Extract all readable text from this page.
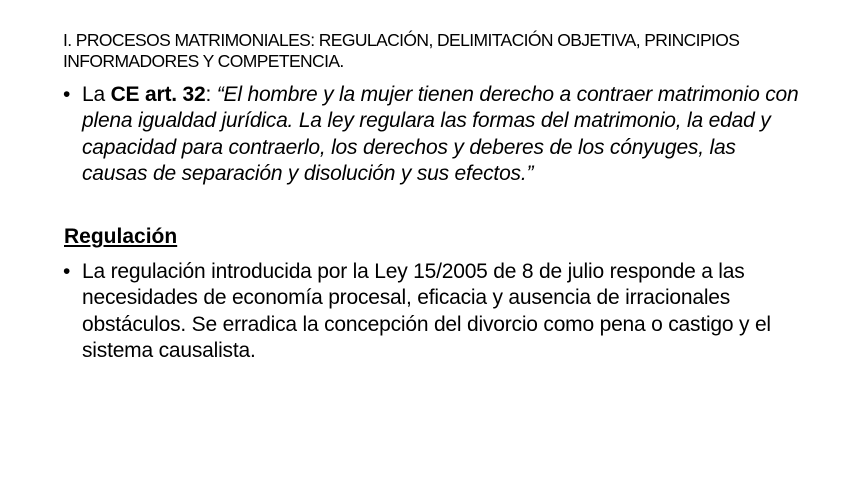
I. PROCESOS MATRIMONIALES: REGULACIÓN, DELIMITACIÓN OBJETIVA, PRINCIPIOS INFORMADORES Y COMPETENCIA.
• La CE art. 32: “El hombre y la mujer tienen derecho a contraer matrimonio con plena igualdad jurídica. La ley regulara las formas del matrimonio, la edad y capacidad para contraerlo, los derechos y deberes de los cónyuges, las causas de separación y disolución y sus efectos.”
Regulación
• La regulación introducida por la Ley 15/2005 de 8 de julio responde a las necesidades de economía procesal, eficacia y ausencia de irracionales obstáculos. Se erradica la concepción del divorcio como pena o castigo y el sistema causalista.
